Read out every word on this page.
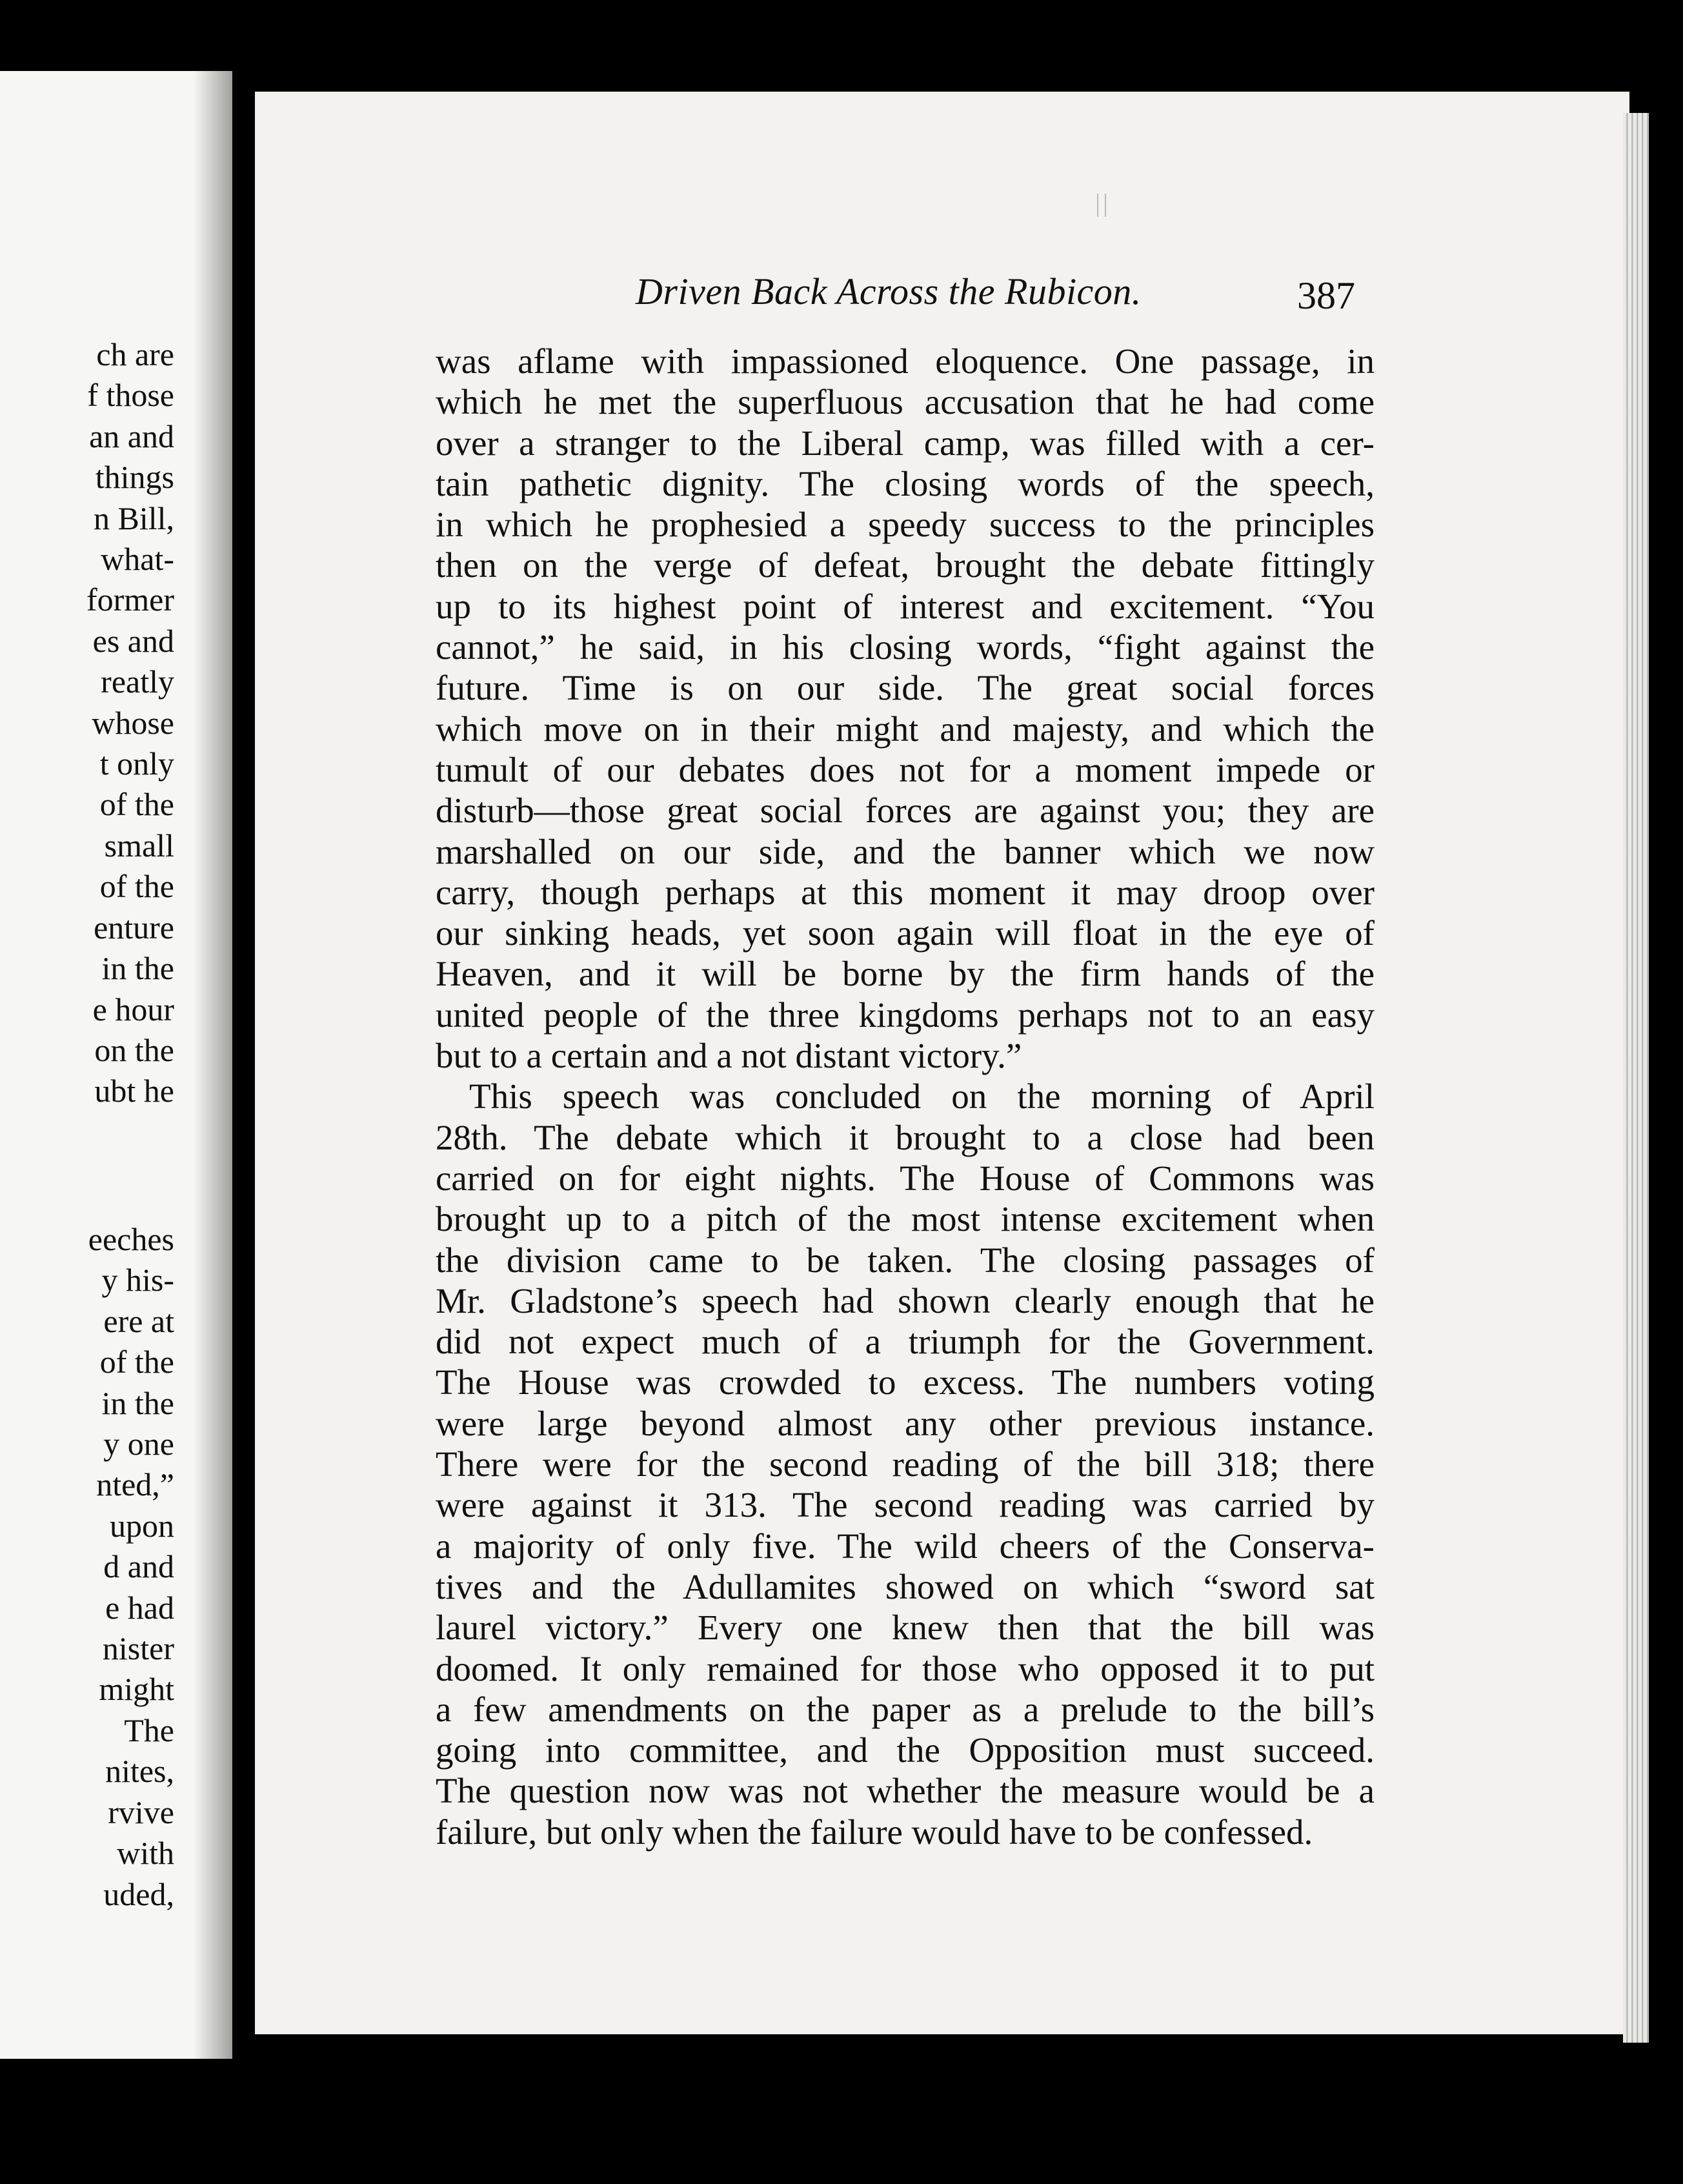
ch are
f those
an and
things
n Bill,
what-
former
es and
reatly
whose
t only
of the
small
of the
enture
in the
e hour
on the
ubt he
eeches
y his-
ere at
of the
in the
y one
nted,”
upon
d and
e had
nister
might
The
nites,
rvive
with
uded,

Driven Back Across the Rubicon.	387

was aflame with impassioned eloquence. One passage, in
which he met the superfluous accusation that he had come
over a stranger to the Liberal camp, was filled with a cer-
tain pathetic dignity. The closing words of the speech,
in which he prophesied a speedy success to the principles
then on the verge of defeat, brought the debate fittingly
up to its highest point of interest and excitement. “You
cannot,” he said, in his closing words, “fight against the
future. Time is on our side. The great social forces
which move on in their might and majesty, and which the
tumult of our debates does not for a moment impede or
disturb—those great social forces are against you; they are
marshalled on our side, and the banner which we now
carry, though perhaps at this moment it may droop over
our sinking heads, yet soon again will float in the eye of
Heaven, and it will be borne by the firm hands of the
united people of the three kingdoms perhaps not to an easy
but to a certain and a not distant victory.”
This speech was concluded on the morning of April
28th. The debate which it brought to a close had been
carried on for eight nights. The House of Commons was
brought up to a pitch of the most intense excitement when
the division came to be taken. The closing passages of
Mr. Gladstone’s speech had shown clearly enough that he
did not expect much of a triumph for the Government.
The House was crowded to excess. The numbers voting
were large beyond almost any other previous instance.
There were for the second reading of the bill 318; there
were against it 313. The second reading was carried by
a majority of only five. The wild cheers of the Conserva-
tives and the Adullamites showed on which “sword sat
laurel victory.” Every one knew then that the bill was
doomed. It only remained for those who opposed it to put
a few amendments on the paper as a prelude to the bill’s
going into committee, and the Opposition must succeed.
The question now was not whether the measure would be a
failure, but only when the failure would have to be confessed.
